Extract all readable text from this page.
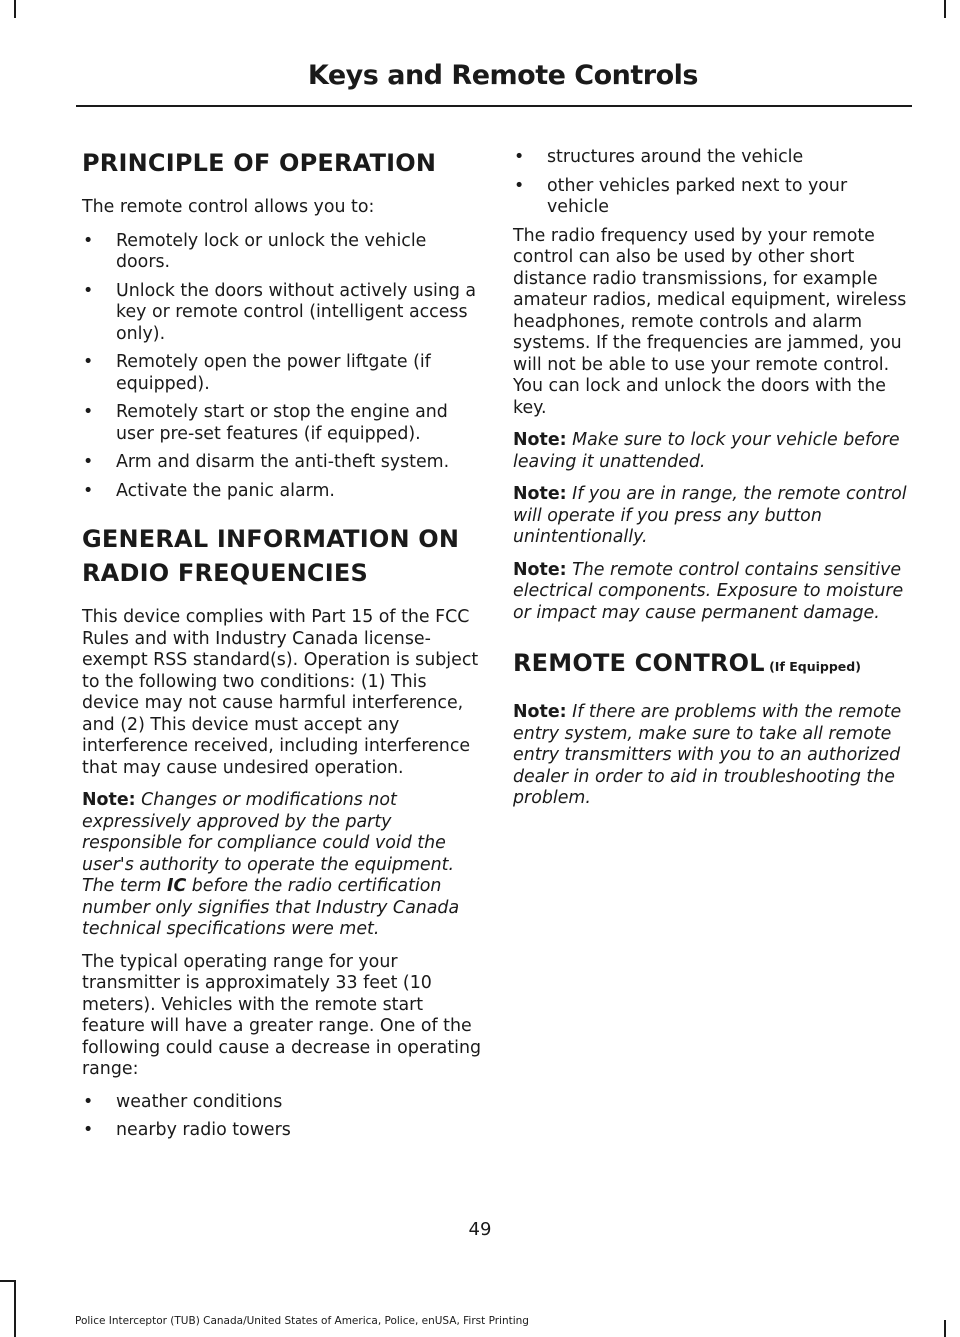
Keys and Remote Controls
PRINCIPLE OF OPERATION

The remote control allows you to:

• Remotely lock or unlock the vehicle doors.
• Unlock the doors without actively using a key or remote control (intelligent access only).
• Remotely open the power liftgate (if equipped).
• Remotely start or stop the engine and user pre-set features (if equipped).
• Arm and disarm the anti-theft system.
• Activate the panic alarm.
GENERAL INFORMATION ON
RADIO FREQUENCIES

This device complies with Part 15 of the FCC Rules and with Industry Canada license-exempt RSS standard(s). Operation is subject to the following two conditions: (1) This device may not cause harmful interference, and (2) This device must accept any interference received, including interference that may cause undesired operation.

Note: Changes or modifications not expressively approved by the party responsible for compliance could void the user's authority to operate the equipment. The term IC before the radio certification number only signifies that Industry Canada technical specifications were met.

The typical operating range for your transmitter is approximately 33 feet (10 meters). Vehicles with the remote start feature will have a greater range. One of the following could cause a decrease in operating range:

• weather conditions
• nearby radio towers
• structures around the vehicle
• other vehicles parked next to your vehicle

The radio frequency used by your remote control can also be used by other short distance radio transmissions, for example amateur radios, medical equipment, wireless headphones, remote controls and alarm systems. If the frequencies are jammed, you will not be able to use your remote control. You can lock and unlock the doors with the key.

Note: Make sure to lock your vehicle before leaving it unattended.

Note: If you are in range, the remote control will operate if you press any button unintentionally.

Note: The remote control contains sensitive electrical components. Exposure to moisture or impact may cause permanent damage.

REMOTE CONTROL (If Equipped)

Note: If there are problems with the remote entry system, make sure to take all remote entry transmitters with you to an authorized dealer in order to aid in troubleshooting the problem.

49
Police Interceptor (TUB) Canada/United States of America, Police, enUSA, First Printing
